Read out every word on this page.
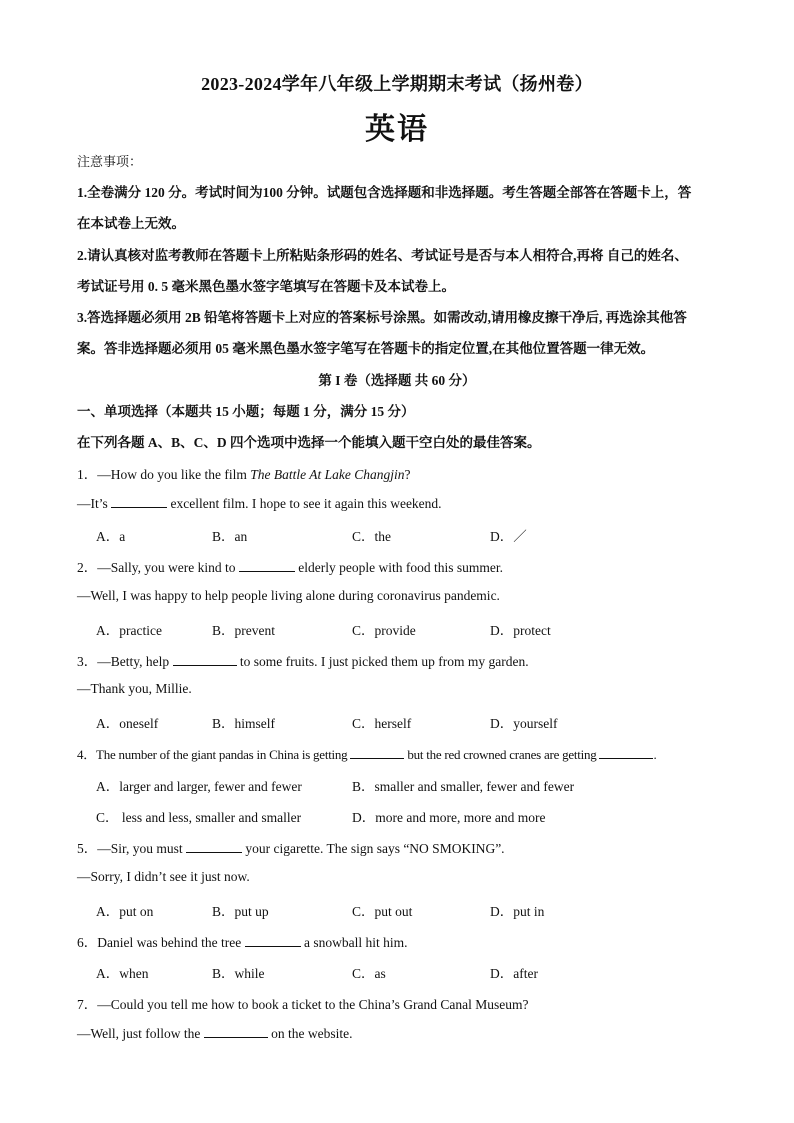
2023-2024学年八年级上学期期末考试（扬州卷）
英语
注意事项：
1.全卷满分 120 分。考试时间为100 分钟。试题包含选择题和非选择题。考生答题全部答在答题卡上，答
在本试卷上无效。
2.请认真核对监考教师在答题卡上所粘贴条形码的姓名、考试证号是否与本人相符合,再将 自己的姓名、
考试证号用 0. 5 毫米黑色墨水签字笔填写在答题卡及本试卷上。
3.答选择题必须用 2B 铅笔将答题卡上对应的答案标号涂黑。如需改动,请用橡皮擦干净后, 再选涂其他答
案。答非选择题必须用 05 毫米黑色墨水签字笔写在答题卡的指定位置,在其他位置答题一律无效。
第 I 卷（选择题 共 60 分）
一、单项选择（本题共 15 小题；每题 1 分，满分 15 分）
在下列各题 A、B、C、D 四个选项中选择一个能填入题干空白处的最佳答案。
1．—How do you like the film The Battle At Lake Changjin?
—It’s	excellent film. I hope to see it again this weekend.
A．a	B．an	C．the	D．／
2．—Sally, you were kind to	elderly people with food this summer.
—Well, I was happy to help people living alone during coronavirus pandemic.
A．practice	B．prevent	C．provide	D．protect
3．—Betty, help	to some fruits. I just picked them up from my garden.
—Thank you, Millie.
A．oneself	B．himself	C．herself	D．yourself
4．The number of the giant pandas in China is getting	but the red crowned cranes are getting	.
A．larger and larger, fewer and fewer	B．smaller and smaller, fewer and fewer
C． less and less, smaller and smaller	D．more and more, more and more
5．—Sir, you must	your cigarette. The sign says “NO SMOKING”.
—Sorry, I didn’t see it just now.
A．put on	B．put up	C．put out	D．put in
6．Daniel was behind the tree	a snowball hit him.
A．when	B．while	C．as	D．after
7．—Could you tell me how to book a ticket to the China’s Grand Canal Museum?
—Well, just follow the	on the website.
